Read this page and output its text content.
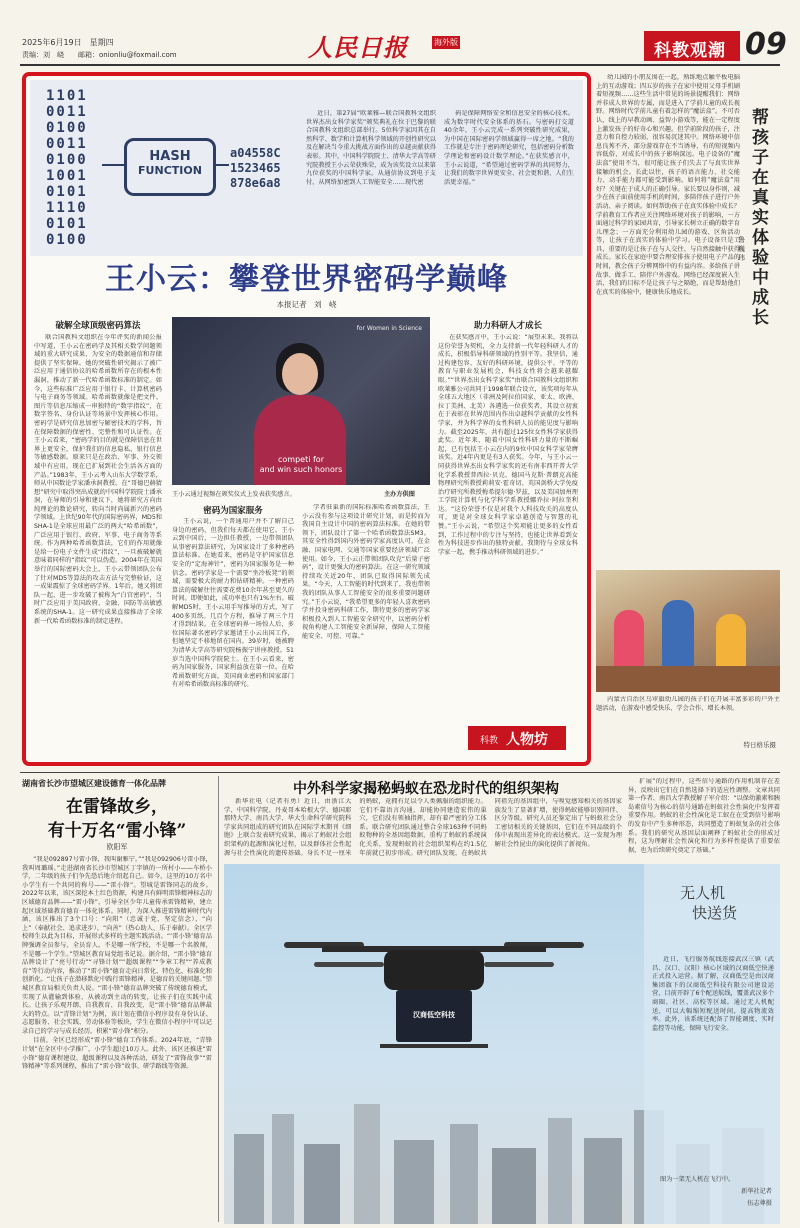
2025年6月19日　星期四
责编：刘　峣　　邮箱：onionliu@foxmail.com	人民日报	海外版	科教观潮 09
1101
0011
0100
0011
0100
1001
0101
1110
0101
0100
HASH
FUNCTION
a04558C
1523465
878e6a8

近日，第27届“欧莱雅—联合国教科文组织世界杰出女科学家奖”颁奖典礼在位于巴黎的联合国教科文组织总部举行。5位科学家因其在自然科学、数学和计算机科学领域的开创性研究以及在解决当今重大挑战方面作出的卓越贡献获得表彰。其中，中国科学院院士、清华大学高等研究院教授王小云荣获殊荣，成为该奖设立以来第九位获奖的中国科学家。从通信协议到电子支付，从网络加密到人工智能安全……现代密

码是保障网络安全和信息安全的核心技术。成为数字时代安全体系的基石。与密码打交道40余年，王小云完成一系列突破性研究成果，为中国在国际密码学领域赢得一席之地。“我的工作就是专注于密码理论研究，包括密码分析数学理论和密码设计数学理论。”在获奖感言中，王小云说道，“希望通过密码学界的共同努力，让我们的数字世界更安全、社会更和谐、人们生活更幸福。”

王小云：攀登世界密码学巅峰
本报记者　刘　峣
破解全球顶级密码算法

联合国教科文组织在今年评奖的新闻公报中写道，王小云在密码学及其相关数学问题领域的重大研究成果，为安全的数据通信和存储提供了坚实保障。她的突破性研究揭示了被广泛应用于通信协议的哈希函数所存在的根本性漏洞，推动了新一代哈希函数标准的制定。如今，这些标准广泛应用于银行卡、计算机密码与电子商务等领域。哈希函数就像是把文件、图片等信息压缩成一串独特的“数字指纹”，在数字签名、身份认证等场景中发挥核心作用。密码学是研究信息加密与解密技术的学科，旨在保障数据的保密性、完整性和可认证性。在王小云看来，“密码学的目的就是保障信息在世界上更安全，保护我们的信息隐私、银行信息等敏感数据。原来只是在政治、军事、外交领域中有应用，现在已扩展到社会生活各方面的产品。”1983年，王小云考入山东大学数学系，师从中国数论学家潘承洞教授。在“哥德巴赫猜想”研究中取得突出成就的中国科学院院士潘承洞，在导师的引导和建议下，她将研究方向由纯理论的数论研究，转向当时尚属新兴的密码学领域。上世纪90年代的国际密码界，MD5和SHA-1是全球应用最广泛的两大“哈希函数”，广泛应用于银行、政府、军事、电子商务等系统。作为两种哈希函数算法，它们的作用就像是给一份电子文件生成“指纹”，一旦被破解就意味着同样的“指纹”可以伪造。2004年在美国举行的国际密码大会上，王小云带领团队公布了针对MD5等算法的攻击方法与完整验证，这一成果震惊了全球密码学界。1年后，她又将团队一起，进一步攻破了被称为“白宫密码”，当时广泛应用于美国政府、金融、国防等高敏感系统的SHA-1。这一研究成果直接推动了全球新一代哈希函数标准的制定进程。

for Women in Science
competi for
and win such honors
王小云通过视频在颁奖仪式上发表获奖感言。	主办方供图
助力科研人才成长

在获奖感言中，王小云说：“展望未来，我将以这份荣誉为契机，全力支持新一代年轻科研人才的成长，积极倡导科研领域的性别平等。我坚信，通过构建包容、友好的科研环境，提供公平、平等的教育与职业发展机会，科技女性将会越来越耀眼。”“世界杰出女科学家奖”由联合国教科文组织和欧莱雅公司共同于1998年联合设立，该奖项每年从全球五大地区（非洲及阿拉伯国家、亚太、欧洲、拉丁美洲、北美）各遴选一位获奖者，其设立初衷在于表彰在世界范围内作出卓越科学贡献的女性科学家，并为科学界的女性科研人员的能见度与影响力。截至2025年，共有超过125位女性科学家获得此奖。近年来，随着中国女性科研力量的不断崛起，已有包括王小云在内的9位中国女科学家荣膺该奖。近4年内更是有3人获奖。今年，与王小云一同获得世界杰出女科学家奖的还有南非西开普大学化学系教授普西拉·贝克、德国马克斯·普朗克高能物理研究所教授莉莉安·霍奇切、英国剑桥大学免疫治疗研究所教授梅希提尔德·罗兹，以及美国加州理工学院计算机与化学科学系教授娜乔拉·阿拉奎利达。“这份荣誉不仅是对我个人科技攻关的高度认可，更是对全球女科学家卓越创造与智慧的礼赞。”王小云说，“希望这个奖项能让更多的女性看到，工作过程中的专注与坚持，也能让世界看到女性为科技进步作出的独特贡献。我期待与全球女科学家一起，携手推动科研领域的进步。”

密码为国家服务

王小云说，一个普通用户并不了解自己身边的密码，但我们每天都在使用它。王小云到中国后，一边担任教授，一边带领团队从事密码算法研究，为国家设计了多种密码算法标准。在她看来，密码是守护国家信息安全的“定海神针”，密码为国家服务是一种信念。密码学家是一个需要“坐冷板凳”的领域，需要极大的耐力和钻研精神。一种密码算法的破解往往需要花费10余年甚至更久的时间。即便如此，成功率也只有1%左右。破解MD5时，王小云用手写推导的方式，写了400多页纸。几百个方程，推导了两三个月才得到结果。在全球密码界一场惊人后，多位国际著名密码学家邀请王小云出国工作，但她坚定不移地留在国内。39岁时，她被聘为清华大学高等研究院杨振宁讲座教授。51岁当选中国科学院院士。在王小云看来，密码为国家服务，国家利益放在第一位。在哈希函数研究方面，美国商业密码和国家部门有对哈希函数高标准的研究。

学者驻巢新的国际标准哈希函数算法，王小云没有参与这项设计研究计划，而是转而为我国自主设计中国的密码算法标准。在她的带领下，团队设计了第一个哈希函数算法SM3。其安全性得到国内外密码学家高度认可，在金融、国家电网、交通等国家重要经济领域广泛使用。如今，王小云正带领团队攻克“后量子密码”，设计更强大的密码算法。在这一研究领域持续攻关近20年，团队已取得国际领先成果。“今天，人工智能的时代到来了，我也带领我的团队从事人工智能安全的很多重要问题研究。”王小云说，“我希望更多的年轻人喜欢密码学并投身密码科研工作，期待更多的密码学家积极投入到人工智能安全研究中，以密码分析视角构建人工智能安全新屏障，保障人工智能能安全、可控、可靠。”

科教 人物坊

幼儿园的小朋友围在一起，熟练地点触平板电脑上的互动游戏；四五岁的孩子在家中使用父母手机刷着短视频……这些生活中常见的场景提醒我们：网络并非成人世界的专属，而是进入了学前儿童的成长视野。网络时代学前儿童有着怎样的“魔法盒”。不可否认，线上的早教动画、益智小游戏等，能在一定程度上激发孩子的好奇心和兴趣。但学前阶段的孩子，注意力和自控力较弱，很容易沉迷其中。网络环境中信息良莠不齐，部分游戏存在不当诱导，有的短视频内容低俗，对成长中的孩子影响深远。电子设备的“魔法盒”使用不当，很可能让孩子们失去了与真实世界接触的机会。长此以往，孩子的语言能力、社交能力、动手能力都可能受到影响。如何将“魔法盒”用好？关键在于成人的正确引导。家长要以身作则，减少在孩子面前使用手机的时间，多陪伴孩子进行户外活动、亲子阅读。如何帮助孩子在真实体验中成长？学前教育工作者应关注网络环境对孩子的影响，一方面通过科学的家园共育，引导家长树立正确的数字育儿理念；一方面充分利用幼儿园的游戏、区角活动等，让孩子在真实的体验中学习。电子设备只是工具，重要的是让孩子在与人交往、与自然接触中获得成长。家长在家庭中要合理安排孩子使用电子产品的时间，教会孩子分辨网络中的有益内容。多给孩子讲故事、做手工、陪伴户外游戏。网络已经深度嵌入生活，我们的目标不是让孩子与之隔绝，而是帮助他们在真实的体验中，健康快乐地成长。

帮孩子在真实体验中成长
鲁巍玮

内蒙古自治区乌审旗幼儿园的孩子们在开展丰富多彩的户外主题活动，在游戏中感受快乐、学会合作、增长本领。

特日格乐摄
湖南省长沙市望城区建设德育一体化品牌
在雷锋故乡，
有十万名“雷小锋”
欧阳军

“我是092897号雷小锋，我叫谢雅宁。”“我是092906号雷小锋，我叫周璐瑶。”走进湖南省长沙市望城区丁字镇的一所村小——车桥小学，二年级的孩子们争先恐后地介绍起自己。如今，这里的10万名中小学生有一个共同的称号——“雷小锋”。望城是雷锋同志的故乡。2022年以来，该区深挖本土红色资源，构建具有鲜明雷锋精神标志的区域德育品牌——“雷小锋”，引导全区少年儿童传承雷锋精神，建立起区域基础教育德育一体化体系。同时，为深入推进雷锋精神时代内涵，该区推出了3个口号：“向阳”（忠诚于党、坚定信念）、“向上”（奉献社会、追求进步）、“向善”（热心助人、乐于奉献）。全区学校师生以此为目标，开展形式多样的主题实践活动。“‘雷小锋’德育品牌强调全员参与、全员育人。不是哪一所学校，不是哪一个名教师，不是哪一个学生。”望城区教育局党组书记说。据介绍，“雷小锋”德育品牌设计了“亮号行动”“寻锋计划”“超级课程”“争章工程”“养成教育”等行动内容，推动了“雷小锋”德育走向日常化、特色化、标准化和创新化。“让孩子在潜移默化中践行雷锋精神，是德育的关键问题。”望城区教育局相关负责人说。“雷小锋”德育品牌突破了传统德育模式，实现了从灌输到体验、从被动到主动的转变，让孩子们在实践中成长。让孩子乐观开朗、自我教育、自我改变，是“雷小锋”德育品牌最大的特点。以“青锋计划”为例，该计划在微信小程序设有身份认证、志愿服务、社会实践、劳动体验等板块，学生在微信小程序中可以记录自己的学习与成长经历，积累“雷小锋”积分。

目前，全区已经形成“雷小锋”德育工作体系。2024年底，“青锋计划”在全区中小学推广，小学生超过10万人。此外，该区还推进“雷小锋”德育课程建设、超级课程以及各种活动，研发了“雷锋故事”“雷锋精神”等系列课程，推出了“雷小锋”故事、研学路线等资源。

中外科学家揭秘蚂蚁在恐龙时代的组织架构

新华社电（记者有勇）近日，由浙江大学、中国科学院、丹麦哥本哈根大学、德国耶那特大学、南昌大学、华大生命科学研究院科学家共同组成的研究团队在国际学术期刊《细胞》上联合发表研究成果，揭示了蚂蚁社会组织架构的起源和演化过程，以及群体社会性起源与社会性演化的遗传基础。身长不足一厘米的蚂蚁，竟拥有足以令人类佩服的组织能力。它们不靠语言沟通，却能协同建造宏伟的巢穴，它们没有领袖指挥，却有着严密的分工体系。联合研究团队通过整合全球163种不同蚂蚁物种的全基因组数据，重构了蚂蚁的系统演化关系，发现蚂蚁的社会组织架构在约1.5亿年前就已初步形成。研究团队发现，在蚂蚁共同祖先的基因组中，与嗅觉感知相关的基因家族发生了显著扩增，使得蚂蚁能够识别同伴、区分等级。研究人员还鉴定出了与蚂蚁社会分工密切相关的关键基因，它们在不同品级的个体中表现出差异化的表达模式。这一发现为理解社会性昆虫的演化提供了新视角。

扩展”的过程中，这些信号通路的作用机制存在差异，反映出它们在自然选择下的适应性调整。文章共同第一作者、南昌大学教授解子军介绍：“以保幼激素和胰岛素信号为核心的信号通路在蚂蚁社会性演化中发挥着重要作用。蚂蚁的社会性演化是工蚁在在受到信号影响的发育中产生多种形态，共同塑造了蚂蚁复杂的社会体系。我们的研究从基因层面阐释了蚂蚁社会的形成过程，这为理解社会性演化和行为多样性提供了重要依据，也为后续研究奠定了基础。”

汉商低空科技
无人机
快送货

近日，飞行服务航线连接武汉三镇（武昌、汉口、汉阳）核心区域的汉商低空快递正式投入运营。据了解，汉商低空是由汉商集团旗下的汉商低空科技有限公司建设运营，目前开辟了6个配送航线，覆盖武汉多个商圈、社区、高校等区域。通过无人机配送，可以大幅缩短配送时间，提高物流效率。此外，该系统还配备了智能调度、实时监控等功能，保障飞行安全。

图为一架无人机在飞行中。
新华社记者
伍志尊摄
